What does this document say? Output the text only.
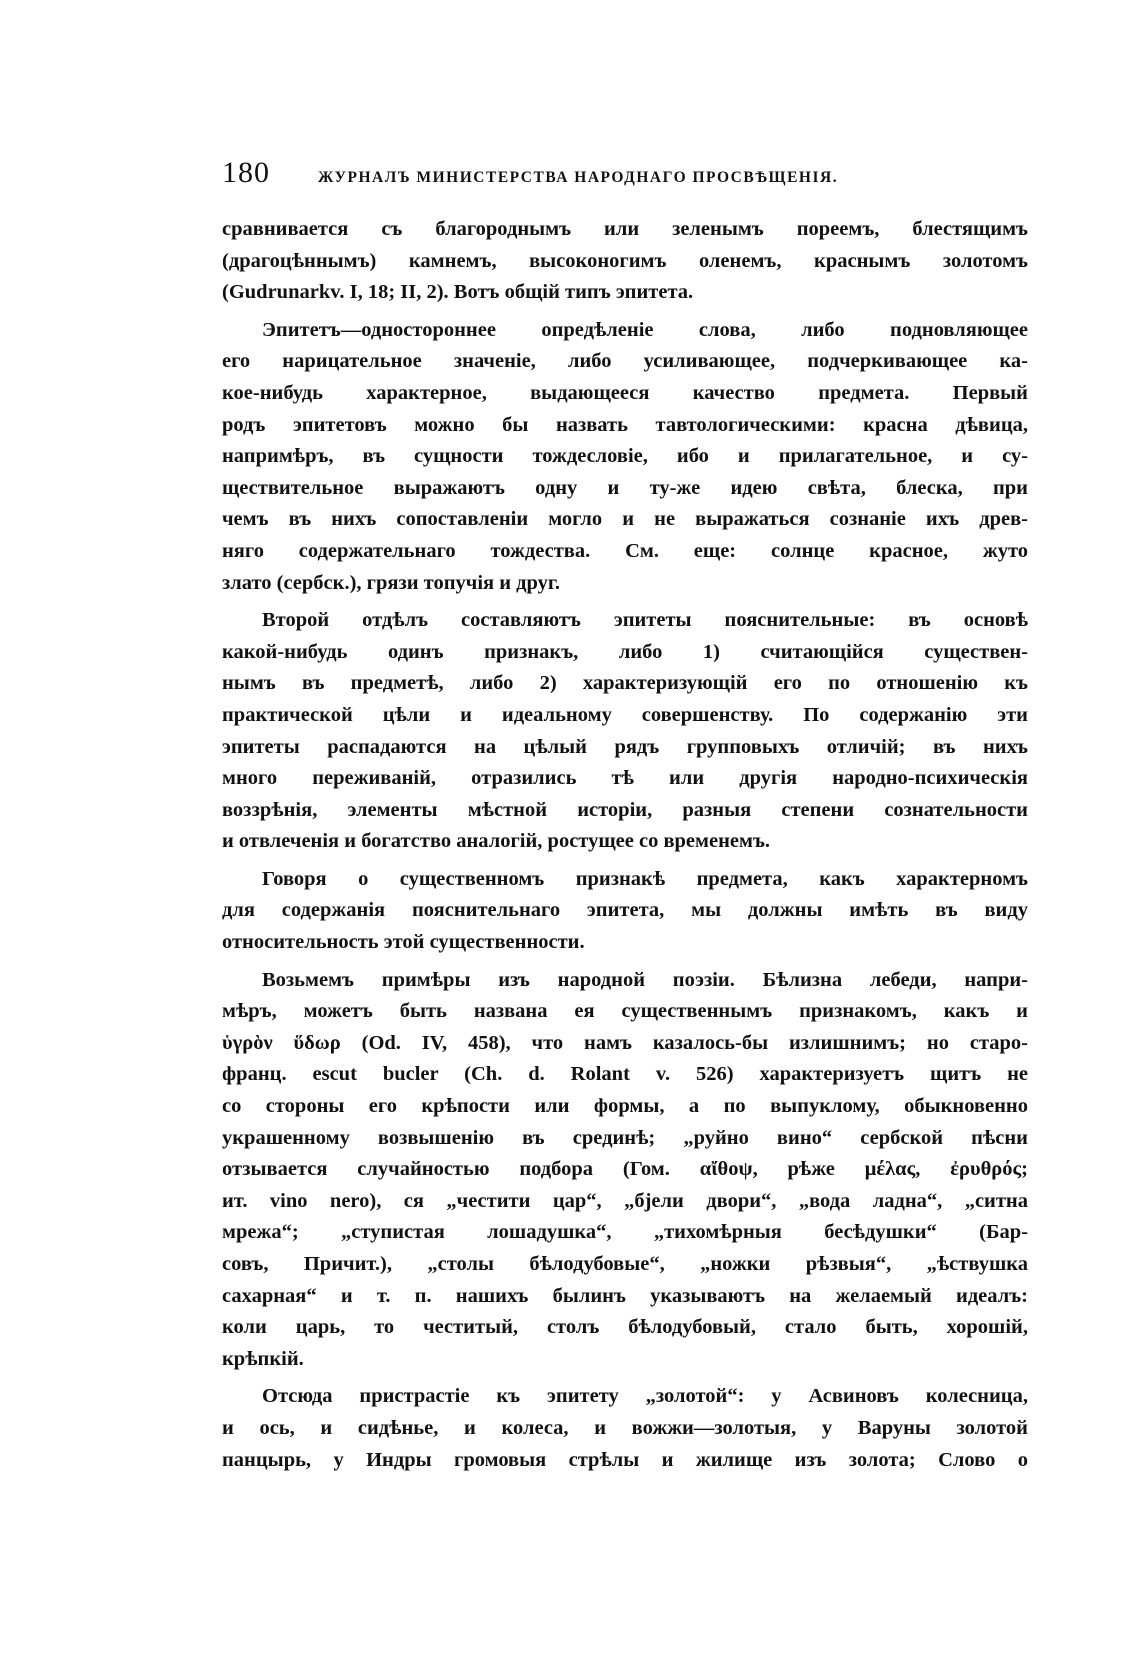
180	ЖУРНАЛЪ МИНИСТЕРСТВА НАРОДНАГО ПРОСВѢЩЕНІЯ.
сравнивается съ благороднымъ или зеленымъ пореемъ, блестящимъ
(драгоцѣннымъ) камнемъ, высоконогимъ оленемъ, краснымъ золотомъ
(Gudrunarkv. I, 18; II, 2). Вотъ общій типъ эпитета.
Эпитетъ—одностороннее опредѣленіе слова, либо подновляющее
его нарицательное значеніе, либо усиливающее, подчеркивающее ка-
кое-нибудь характерное, выдающееся качество предмета. Первый
родъ эпитетовъ можно бы назвать тавтологическими: красна дѣвица,
напримѣръ, въ сущности тождесловіе, ибо и прилагательное, и су-
ществительное выражаютъ одну и ту-же идею свѣта, блеска, при
чемъ въ нихъ сопоставленіи могло и не выражаться сознаніе ихъ древ-
няго содержательнаго тождества. См. еще: солнце красное, жуто
злато (сербск.), грязи топучія и друг.
Второй отдѣлъ составляютъ эпитеты пояснительные: въ основѣ
какой-нибудь одинъ признакъ, либо 1) считающійся существен-
нымъ въ предметѣ, либо 2) характеризующій его по отношенію къ
практической цѣли и идеальному совершенству. По содержанію эти
эпитеты распадаются на цѣлый рядъ групповыхъ отличій; въ нихъ
много переживаній, отразились тѣ или другія народно-психическія
воззрѣнія, элементы мѣстной исторіи, разныя степени сознательности
и отвлеченія и богатство аналогій, ростущее со временемъ.
Говоря о существенномъ признакѣ предмета, какъ характерномъ
для содержанія пояснительнаго эпитета, мы должны имѣть въ виду
относительность этой существенности.
Возьмемъ примѣры изъ народной поэзіи. Бѣлизна лебеди, напри-
мѣръ, можетъ быть названа ея существеннымъ признакомъ, какъ и
ὑγρὸν ὕδωρ (Od. IV, 458), что намъ казалось-бы излишнимъ; но старо-
франц. escut bucler (Ch. d. Rolant v. 526) характеризуетъ щитъ не
со стороны его крѣпости или формы, а по выпуклому, обыкновенно
украшенному возвышенію въ срединѣ; „руйно вино“ сербской пѣсни
отзывается случайностью подбора (Гом. αἴθοψ, рѣже μέλας, ἐρυθρός;
ит. vino nero), ся „честити цар“, „бјели двори“, „вода ладна“, „ситна
мрежа“; „ступистая лошадушка“, „тихомѣрныя бесѣдушки“ (Бар-
совъ, Причит.), „столы бѣлодубовые“, „ножки рѣзвыя“, „ѣствушка
сахарная“ и т. п. нашихъ былинъ указываютъ на желаемый идеалъ:
коли царь, то честитый, столъ бѣлодубовый, стало быть, хорошій,
крѣпкій.
Отсюда пристрастіе къ эпитету „золотой“: у Асвиновъ колесница,
и ось, и сидѣнье, и колеса, и вожжи—золотыя, у Варуны золотой
панцырь, у Индры громовыя стрѣлы и жилище изъ золота; Слово о
